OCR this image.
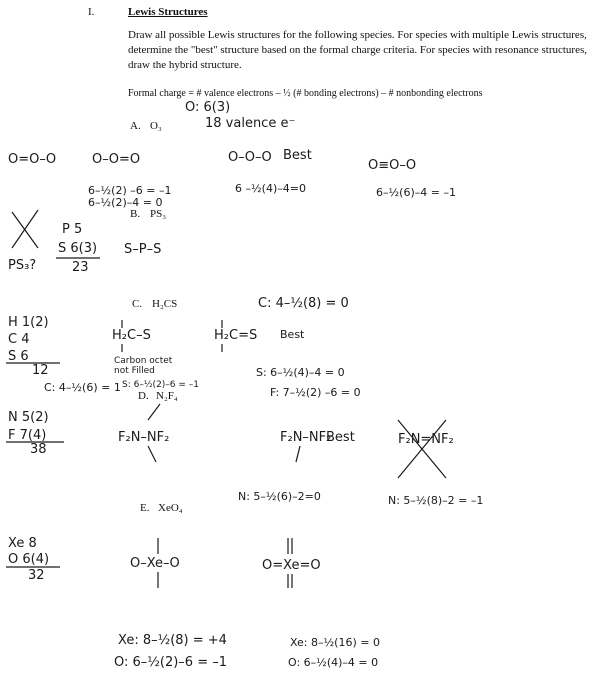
I.	Lewis Structures
Draw all possible Lewis structures for the following species. For species with multiple Lewis structures, determine the "best" structure based on the formal charge criteria. For species with resonance structures, draw the hybrid structure.
Formal charge = # valence electrons – ½ (# bonding electrons) – # nonbonding electrons
A. O₃
O: 6(3)
18 valence e⁻
O=O–O	O–O=O	O–O–O Best
O≡O–O
6–½(2) –6 = –1
6–½(2)–4 = 0
6 –½(4)–4=0	6–½(6)–4 = –1
B. PS₃
P 5
S 6(3)
23
PS₃?
S–P–S
C. H₂CS
H 1(2)
C 4
S 6
12
C: 4–½(8) = 0
H₂C–S	H₂C=S Best
Carbon octet
not Filled	S: 6–½(4)–4 = 0
C: 4–½(6) = 1 S: 6–½(2)–6 = –1
D. N₂F₄	F: 7–½(2) –6 = 0
N 5(2)
F 7(4)
38
F₂N–NF₂	F₂N–NF₂
Best	F₂N=NF₂
N: 5–½(6)–2=0	N: 5–½(8)–2 = –1
E. XeO₄
Xe 8
O 6(4)
32
O–Xe–O	O=Xe=O
Xe: 8–½(8) = +4
O: 6–½(2)–6 = –1
Xe: 8–½(16) = 0
O: 6–½(4)–4 = 0
